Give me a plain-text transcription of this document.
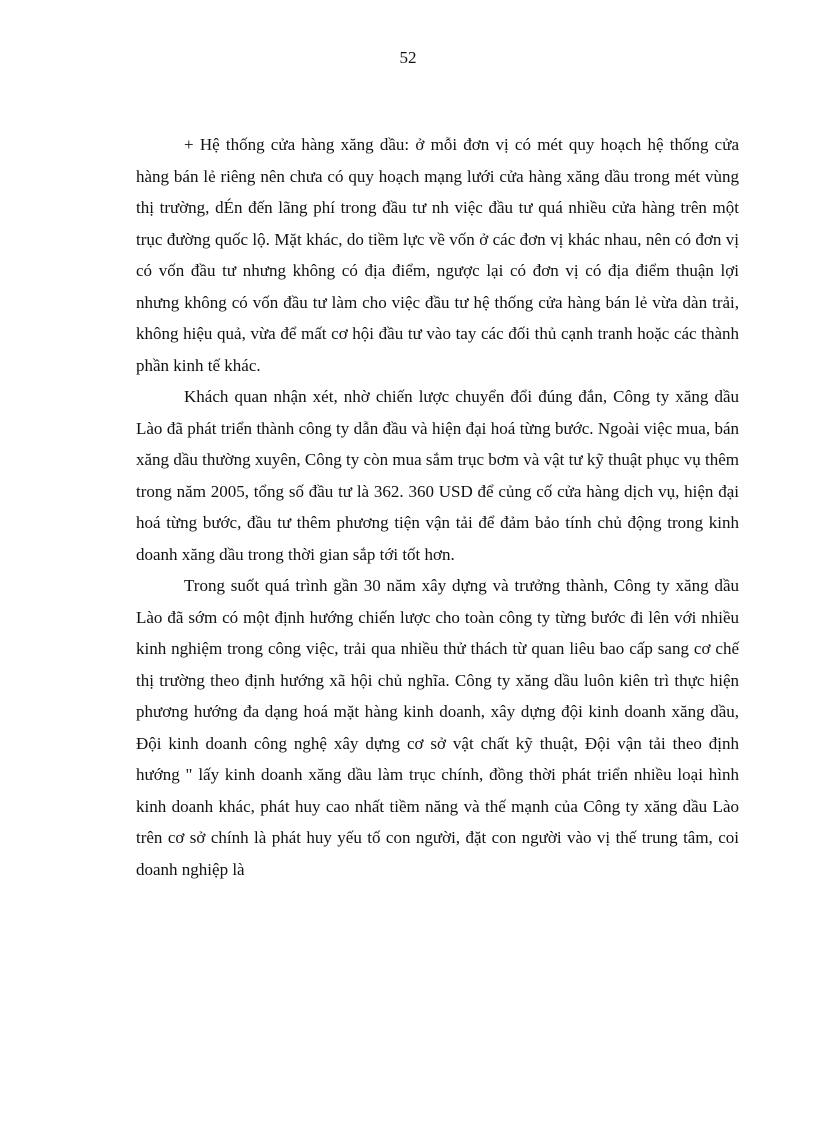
52

+ Hệ thống cửa hàng xăng dầu: ở mỗi đơn vị có mét quy hoạch hệ thống cửa hàng bán lẻ riêng nên chưa có quy hoạch mạng lưới cửa hàng xăng dầu trong mét vùng thị trường, dÉn đến lãng phí trong đầu tư nh việc đầu tư quá nhiều cửa hàng trên một trục đường quốc lộ. Mặt khác, do tiềm lực về vốn ở các đơn vị khác nhau, nên có đơn vị có vốn đầu tư nhưng không có địa điểm, ngược lại có đơn vị có địa điểm thuận lợi nhưng không có vốn đầu tư làm cho việc đầu tư hệ thống cửa hàng bán lẻ vừa dàn trải, không hiệu quả, vừa để mất cơ hội đầu tư vào tay các đối thủ cạnh tranh hoặc các thành phần kinh tế khác.

Khách quan nhận xét, nhờ chiến lược chuyển đổi đúng đắn, Công ty xăng dầu Lào đã phát triển thành công ty dẫn đầu và hiện đại hoá từng bước. Ngoài việc mua, bán xăng dầu thường xuyên, Công ty còn mua sắm trục bơm và vật tư kỹ thuật phục vụ thêm trong năm 2005, tổng số đầu tư là 362. 360 USD để củng cố cửa hàng dịch vụ, hiện đại hoá từng bước, đầu tư thêm phương tiện vận tải để đảm bảo tính chủ động trong kinh doanh xăng dầu trong thời gian sắp tới tốt hơn.

Trong suốt quá trình gần 30 năm xây dựng và trưởng thành, Công ty xăng dầu Lào đã sớm có một định hướng chiến lược cho toàn công ty từng bước đi lên với nhiều kinh nghiệm trong công việc, trải qua nhiều thử thách từ quan liêu bao cấp sang cơ chế thị trường theo định hướng xã hội chủ nghĩa. Công ty xăng dầu luôn kiên trì thực hiện phương hướng đa dạng hoá mặt hàng kinh doanh, xây dựng đội kinh doanh xăng dầu, Đội kinh doanh công nghệ xây dựng cơ sở vật chất kỹ thuật, Đội vận tải theo định hướng " lấy kinh doanh xăng dầu làm trục chính, đồng thời phát triển nhiều loại hình kinh doanh khác, phát huy cao nhất tiềm năng và thế mạnh của Công ty xăng dầu Lào trên cơ sở chính là phát huy yếu tố con người, đặt con người vào vị thế trung tâm, coi doanh nghiệp là
